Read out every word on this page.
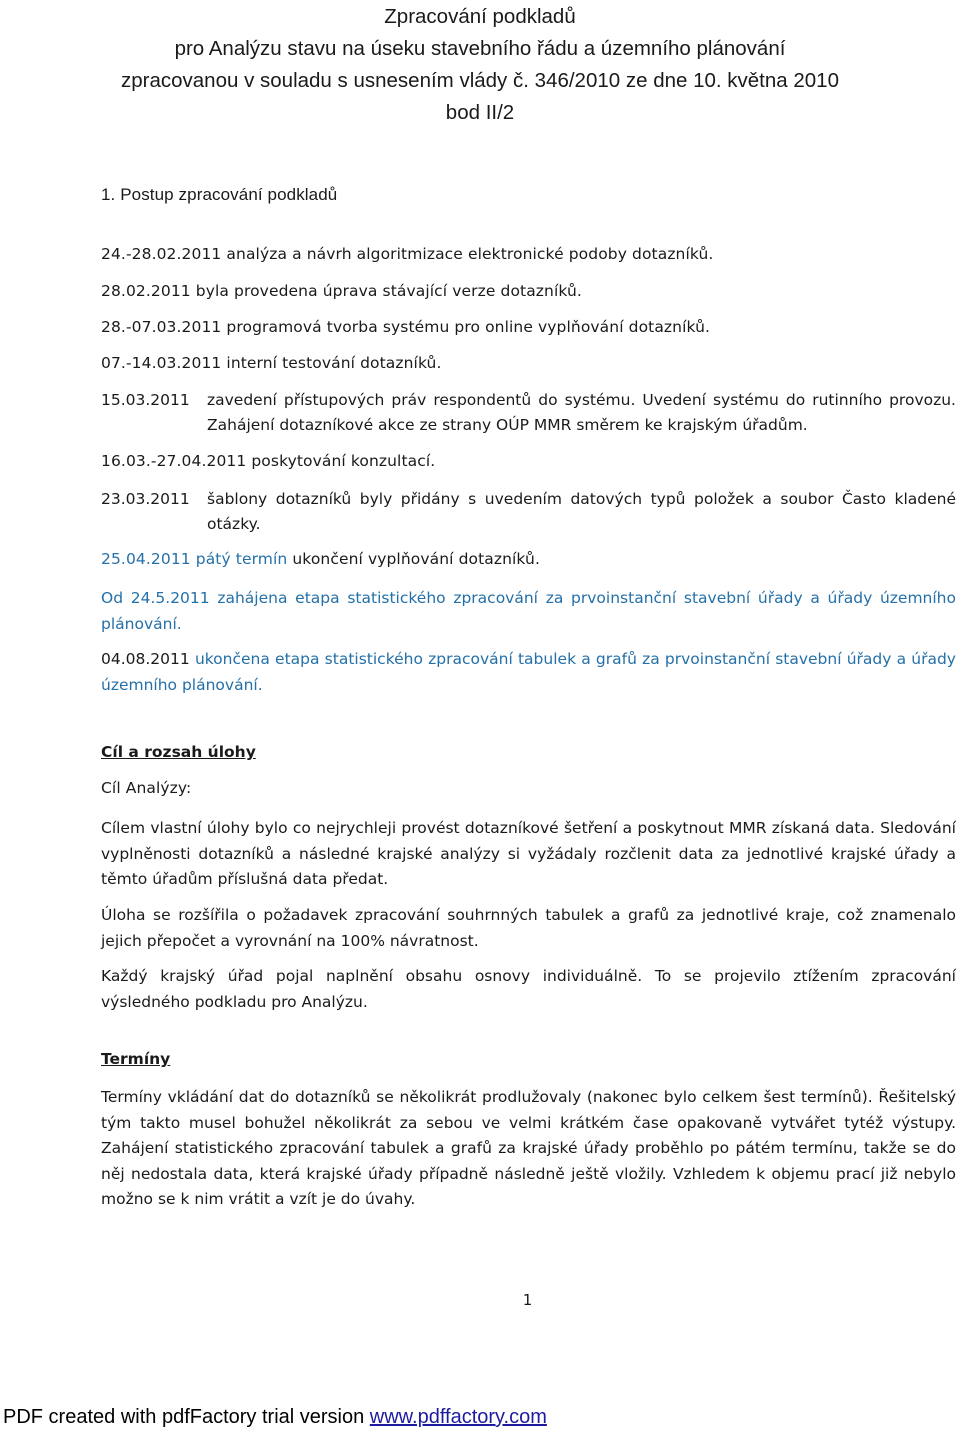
Zpracování podkladů
pro Analýzu stavu na úseku stavebního řádu a územního plánování
zpracovanou v souladu s usnesením vlády č. 346/2010 ze dne 10. května 2010
bod II/2
1. Postup zpracování podkladů
24.-28.02.2011 analýza a návrh algoritmizace elektronické podoby dotazníků.
28.02.2011 byla provedena úprava stávající verze dotazníků.
28.-07.03.2011 programová tvorba systému pro online vyplňování dotazníků.
07.-14.03.2011 interní testování dotazníků.
15.03.2011	zavedení přístupových práv respondentů do systému. Uvedení systému do rutinního provozu. Zahájení dotazníkové akce ze strany OÚP MMR směrem ke krajským úřadům.
16.03.-27.04.2011 poskytování konzultací.
23.03.2011	šablony dotazníků byly přidány s uvedením datových typů položek a soubor Často kladené otázky.
25.04.2011 pátý termín ukončení vyplňování dotazníků.
Od 24.5.2011 zahájena etapa statistického zpracování za prvoinstanční stavební úřady a úřady územního plánování.
04.08.2011 ukončena etapa statistického zpracování tabulek a grafů za prvoinstanční stavební úřady a úřady územního plánování.
Cíl a rozsah úlohy
Cíl Analýzy:
Cílem vlastní úlohy bylo co nejrychleji provést dotazníkové šetření a poskytnout MMR získaná data. Sledování vyplněnosti dotazníků a následné krajské analýzy si vyžádaly rozčlenit data za jednotlivé krajské úřady a těmto úřadům příslušná data předat.
Úloha se rozšířila o požadavek zpracování souhrnných tabulek a grafů za jednotlivé kraje, což znamenalo jejich přepočet a vyrovnání na 100% návratnost.
Každý krajský úřad pojal naplnění obsahu osnovy individuálně. To se projevilo ztížením zpracování výsledného podkladu pro Analýzu.
Termíny
Termíny vkládání dat do dotazníků se několikrát prodlužovaly (nakonec bylo celkem šest termínů). Řešitelský tým takto musel bohužel několikrát za sebou ve velmi krátkém čase opakovaně vytvářet tytéž výstupy. Zahájení statistického zpracování tabulek a grafů za krajské úřady proběhlo po pátém termínu, takže se do něj nedostala data, která krajské úřady případně následně ještě vložily. Vzhledem k objemu prací již nebylo možno se k nim vrátit a vzít je do úvahy.
1
PDF created with pdfFactory trial version www.pdffactory.com
